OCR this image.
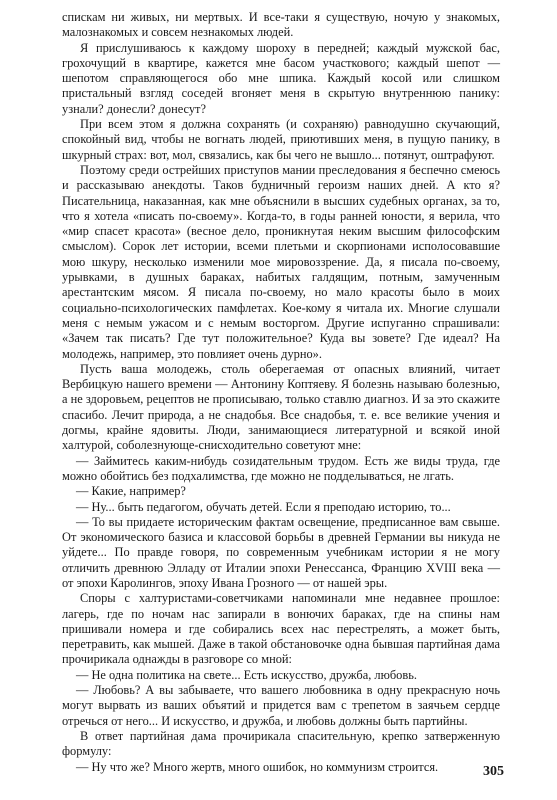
спискам ни живых, ни мертвых. И все-таки я существую, ночую у знакомых, малознакомых и совсем незнакомых людей.

Я прислушиваюсь к каждому шороху в передней; каждый мужской бас, грохочущий в квартире, кажется мне басом участкового; каждый шепот — шепотом справляющегося обо мне шпика. Каждый косой или слишком пристальный взгляд соседей вгоняет меня в скрытую внутреннюю панику: узнали? донесли? донесут?

При всем этом я должна сохранять (и сохраняю) равнодушно скучающий, спокойный вид, чтобы не вогнать людей, приютивших меня, в пущую панику, в шкурный страх: вот, мол, связались, как бы чего не вышло... потянут, оштрафуют.

Поэтому среди острейших приступов мании преследования я беспечно смеюсь и рассказываю анекдоты. Таков будничный героизм наших дней. А кто я? Писательница, наказанная, как мне объяснили в высших судебных органах, за то, что я хотела «писать по-своему». Когда-то, в годы ранней юности, я верила, что «мир спасет красота» (весное дело, проникнутая неким высшим философским смыслом). Сорок лет истории, всеми плетьми и скорпионами исполосовавшие мою шкуру, несколько изменили мое мировоззрение. Да, я писала по-своему, урывками, в душных бараках, набитых галдящим, потным, замученным арестантским мясом. Я писала по-своему, но мало красоты было в моих социально-психологических памфлетах. Кое-кому я читала их. Многие слушали меня с немым ужасом и с немым восторгом. Другие испуганно спрашивали: «Зачем так писать? Где тут положительное? Куда вы зовете? Где идеал? На молодежь, например, это повлияет очень дурно».

Пусть ваша молодежь, столь оберегаемая от опасных влияний, читает Вербицкую нашего времени — Антонину Коптяеву. Я болезнь называю болезнью, а не здоровьем, рецептов не прописываю, только ставлю диагноз. И за это скажите спасибо. Лечит природа, а не снадобья. Все снадобья, т. е. все великие учения и догмы, крайне ядовиты. Люди, занимающиеся литературной и всякой иной халтурой, соболезнующе-снисходительно советуют мне:

— Займитесь каким-нибудь созидательным трудом. Есть же виды труда, где можно обойтись без подхалимства, где можно не подделываться, не лгать.

— Какие, например?

— Ну... быть педагогом, обучать детей. Если я преподаю историю, то...

— То вы придаете историческим фактам освещение, предписанное вам свыше. От экономического базиса и классовой борьбы в древней Германии вы никуда не уйдете... По правде говоря, по современным учебникам истории я не могу отличить древнюю Элладу от Италии эпохи Ренессанса, Францию XVIII века — от эпохи Каролингов, эпоху Ивана Грозного — от нашей эры.

Споры с халтуристами-советчиками напоминали мне недавнее прошлое: лагерь, где по ночам нас запирали в вонючих бараках, где на спины нам пришивали номера и где собирались всех нас перестрелять, а может быть, перетравить, как мышей. Даже в такой обстановочке одна бывшая партийная дама прочирикала однажды в разговоре со мной:

— Не одна политика на свете... Есть искусство, дружба, любовь.

— Любовь? А вы забываете, что вашего любовника в одну прекрасную ночь могут вырвать из ваших объятий и придется вам с трепетом в заячьем сердце отречься от него... И искусство, и дружба, и любовь должны быть партийны.

В ответ партийная дама прочирикала спасительную, крепко затверженную формулу:

— Ну что же? Много жертв, много ошибок, но коммунизм строится.	305
